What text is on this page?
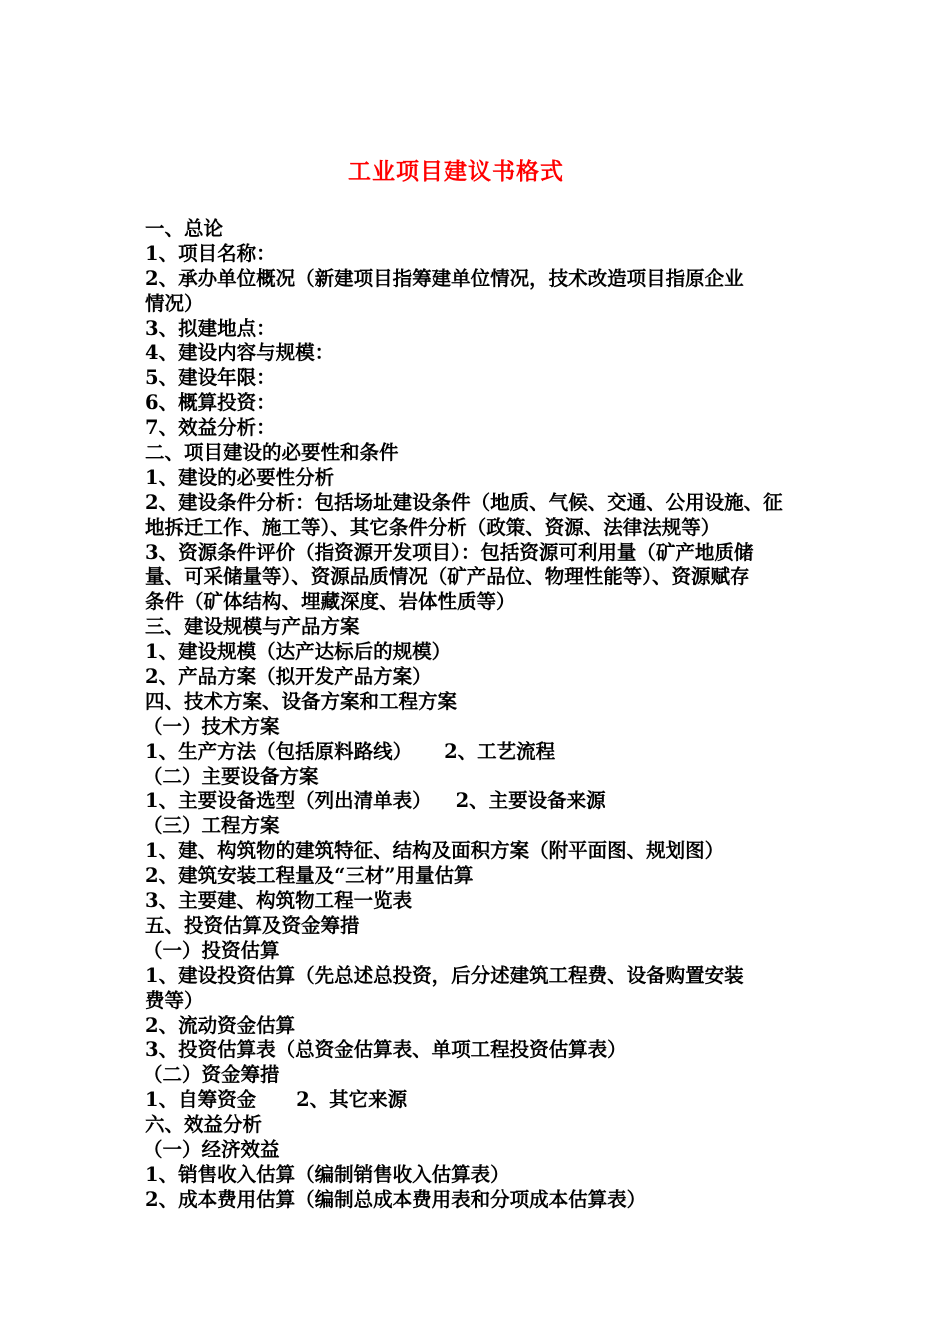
工业项目建议书格式
一、总论
1、项目名称：
2、承办单位概况（新建项目指筹建单位情况，技术改造项目指原企业
情况）
3、拟建地点：
4、建设内容与规模：
5、建设年限：
6、概算投资：
7、效益分析：
二、项目建设的必要性和条件
1、建设的必要性分析
2、建设条件分析：包括场址建设条件（地质、气候、交通、公用设施、征
地拆迁工作、施工等）、其它条件分析（政策、资源、法律法规等）
3、资源条件评价（指资源开发项目）：包括资源可利用量（矿产地质储
量、可采储量等）、资源品质情况（矿产品位、物理性能等）、资源赋存
条件（矿体结构、埋藏深度、岩体性质等）
三、建设规模与产品方案
1、建设规模（达产达标后的规模）
2、产品方案（拟开发产品方案）
四、技术方案、设备方案和工程方案
（一）技术方案
1、生产方法（包括原料路线） 2、工艺流程
（二）主要设备方案
1、主要设备选型（列出清单表） 2、主要设备来源
（三）工程方案
1、建、构筑物的建筑特征、结构及面积方案（附平面图、规划图）
2、建筑安装工程量及“三材”用量估算
3、主要建、构筑物工程一览表
五、投资估算及资金筹措
（一）投资估算
1、建设投资估算（先总述总投资，后分述建筑工程费、设备购置安装
费等）
2、流动资金估算
3、投资估算表（总资金估算表、单项工程投资估算表）
（二）资金筹措
1、自筹资金 2、其它来源
六、效益分析
（一）经济效益
1、销售收入估算（编制销售收入估算表）
2、成本费用估算（编制总成本费用表和分项成本估算表）
